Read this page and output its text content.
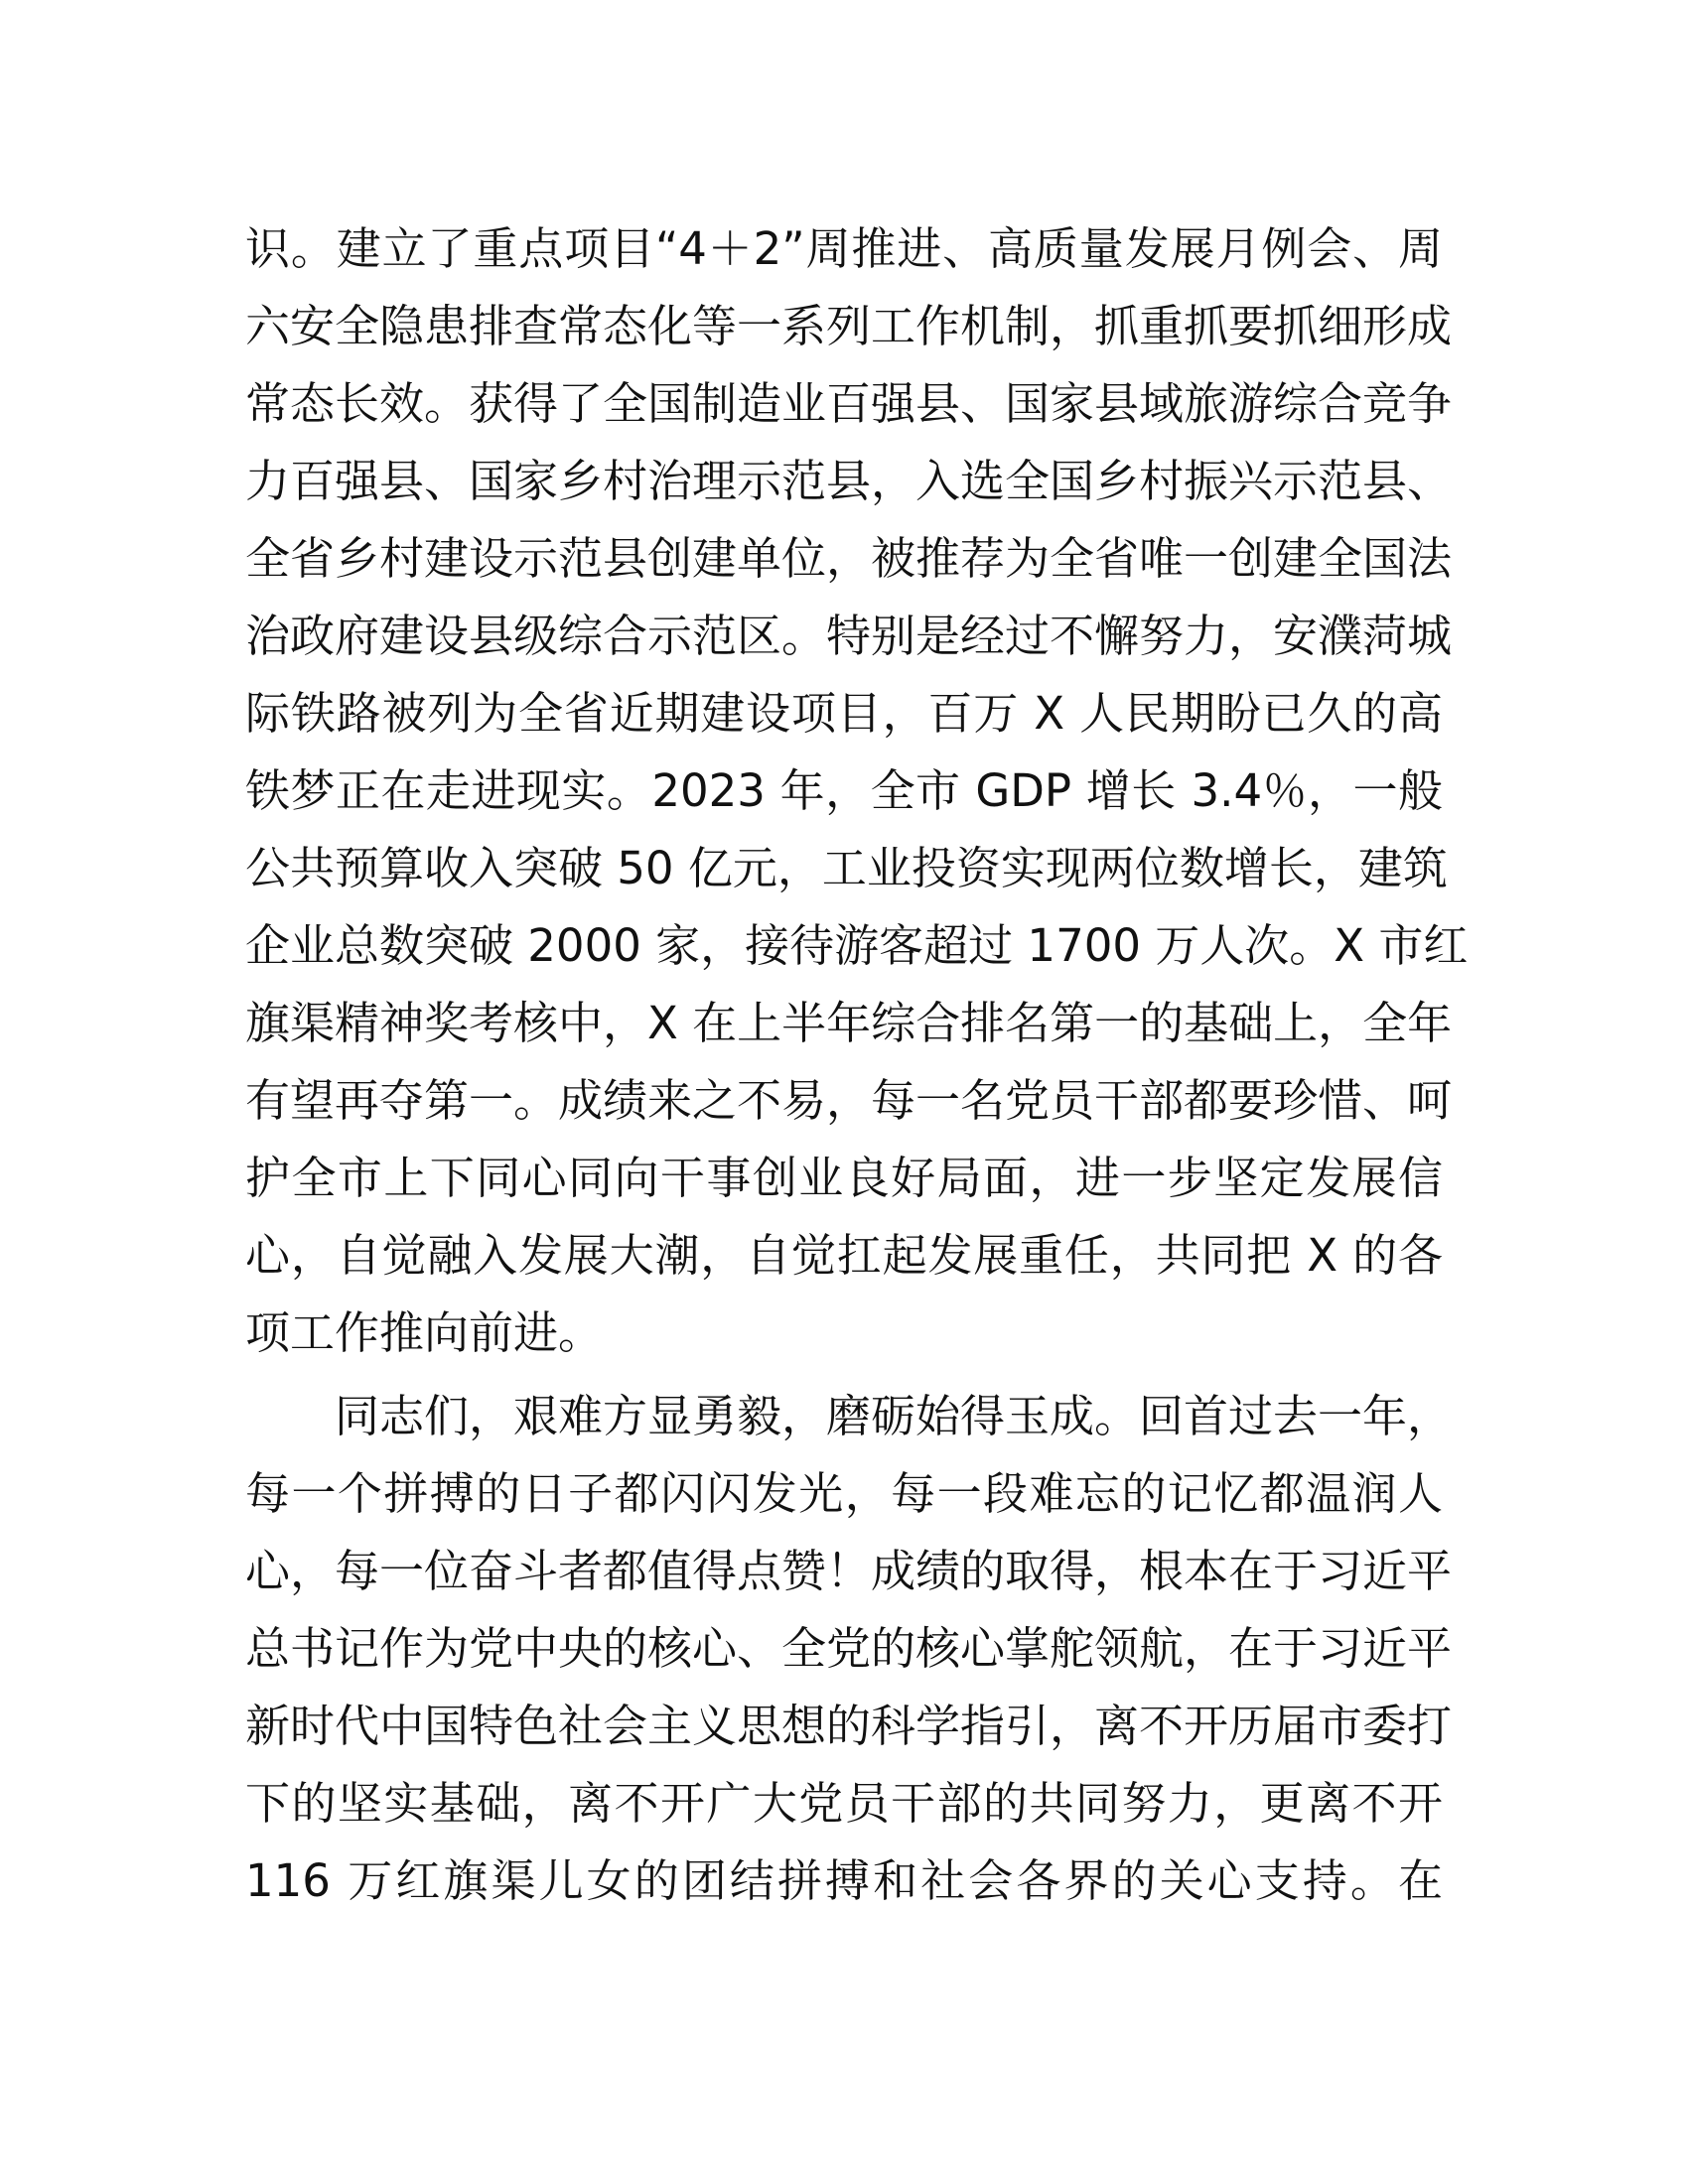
识。建立了重点项目“4＋2”周推进、高质量发展月例会、周
六安全隐患排查常态化等一系列工作机制，抓重抓要抓细形成
常态长效。获得了全国制造业百强县、国家县域旅游综合竞争
力百强县、国家乡村治理示范县，入选全国乡村振兴示范县、
全省乡村建设示范县创建单位，被推荐为全省唯一创建全国法
治政府建设县级综合示范区。特别是经过不懈努力，安濮菏城
际铁路被列为全省近期建设项目，百万 X 人民期盼已久的高
铁梦正在走进现实。2023 年，全市 GDP 增长 3.4％，一般
公共预算收入突破 50 亿元，工业投资实现两位数增长，建筑
企业总数突破 2000 家，接待游客超过 1700 万人次。X 市红
旗渠精神奖考核中，X 在上半年综合排名第一的基础上，全年
有望再夺第一。成绩来之不易，每一名党员干部都要珍惜、呵
护全市上下同心同向干事创业良好局面，进一步坚定发展信
心，自觉融入发展大潮，自觉扛起发展重任，共同把 X 的各
项工作推向前进。
同志们，艰难方显勇毅，磨砺始得玉成。回首过去一年，
每一个拼搏的日子都闪闪发光，每一段难忘的记忆都温润人
心，每一位奋斗者都值得点赞！成绩的取得，根本在于习近平
总书记作为党中央的核心、全党的核心掌舵领航，在于习近平
新时代中国特色社会主义思想的科学指引，离不开历届市委打
下的坚实基础，离不开广大党员干部的共同努力，更离不开
116 万红旗渠儿女的团结拼搏和社会各界的关心支持。在
